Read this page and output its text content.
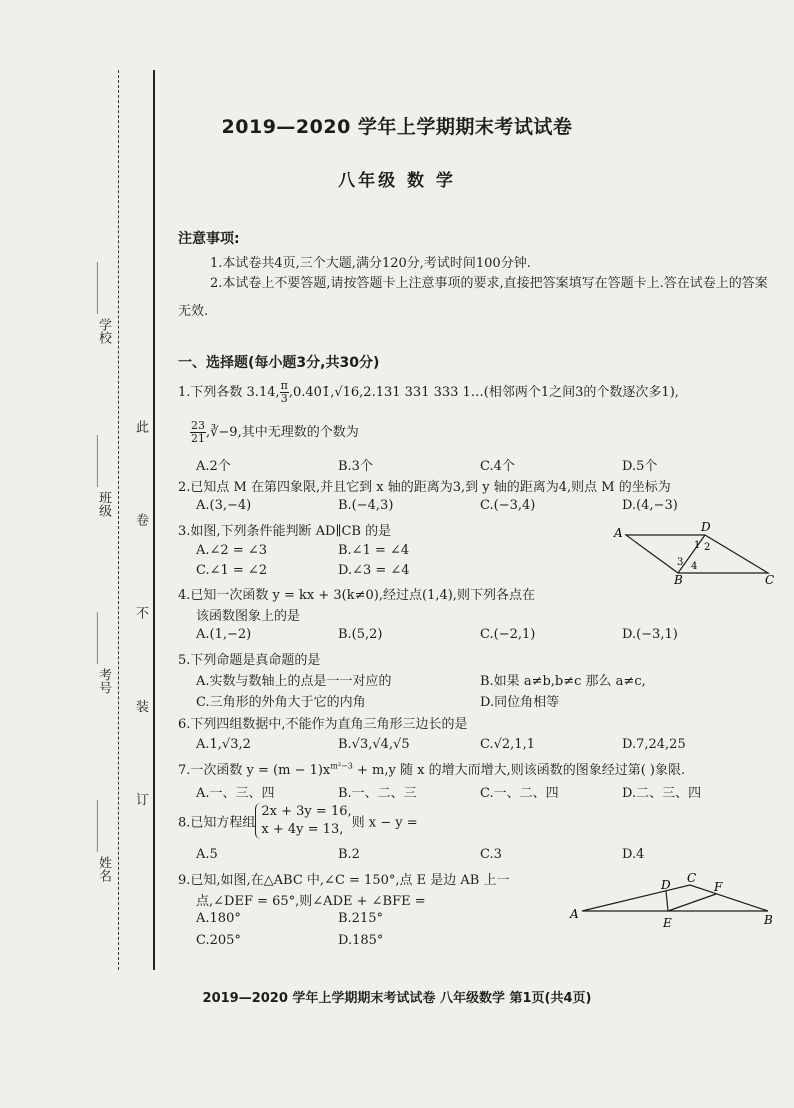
________ 学校
________ 班级
________ 考号
________ 姓名
此 卷 不 装 订
2019—2020 学年上学期期末考试试卷
八年级 数 学
注意事项:
1.本试卷共4页,三个大题,满分120分,考试时间100分钟.
2.本试卷上不要答题,请按答题卡上注意事项的要求,直接把答案填写在答题卡上.答在试卷上的答案无效.
一、选择题(每小题3分,共30分)
1.下列各数 3.14, $\frac{\pi}{3},0.40̇1̇,√16,2.131$ 331 333 1…(相邻两个1之间3的个数逐次多1),
$\frac{23}{21},∛-9$,其中无理数的个数为
A.2个	B.3个	C.4个	D.5个
2.已知点 M 在第四象限,并且它到 x 轴的距离为3,到 y 轴的距离为4,则点 M 的坐标为
A.(3,−4)	B.(−4,3)	C.(−3,4)	D.(4,−3)
3.如图,下列条件能判断 AD∥CB 的是
A.∠2 = ∠3	B.∠1 = ∠4
C.∠1 = ∠2	D.∠3 = ∠4
A	D
B	C
1 2
3 4
4.已知一次函数 y = kx + 3(k≠0),经过点(1,4),则下列各点在
该函数图象上的是
A.(1,−2)	B.(5,2)	C.(−2,1)	D.(−3,1)
5.下列命题是真命题的是
A.实数与数轴上的点是一一对应的	B.如果 a≠b,b≠c 那么 a≠c,
C.三角形的外角大于它的内角	D.同位角相等
6.下列四组数据中,不能作为直角三角形三边长的是
A.1,√3,2	B.√3,√4,√5	C.√2,1,1	D.7,24,25
7.一次函数 $y = (m - 1)x^{m^2-3} + m,y$ 随 x 的增大而增大,则该函数的图象经过第( )象限.
A.一、三、四	B.一、二、三	C.一、二、四	D.二、三、四
8.已知方程组2x + 3y = 16,
x + 4y = 13, 则 x − y =
A.5	B.2	C.3	D.4
9.已知,如图,在△ABC 中,∠C = 150°,点 E 是边 AB 上一
点,∠DEF = 65°,则∠ADE + ∠BFE =
A.180°	B.215°
C.205°	D.185°
A	B
C
D
E
F
2019—2020 学年上学期期末考试试卷 八年级数学 第1页(共4页)
